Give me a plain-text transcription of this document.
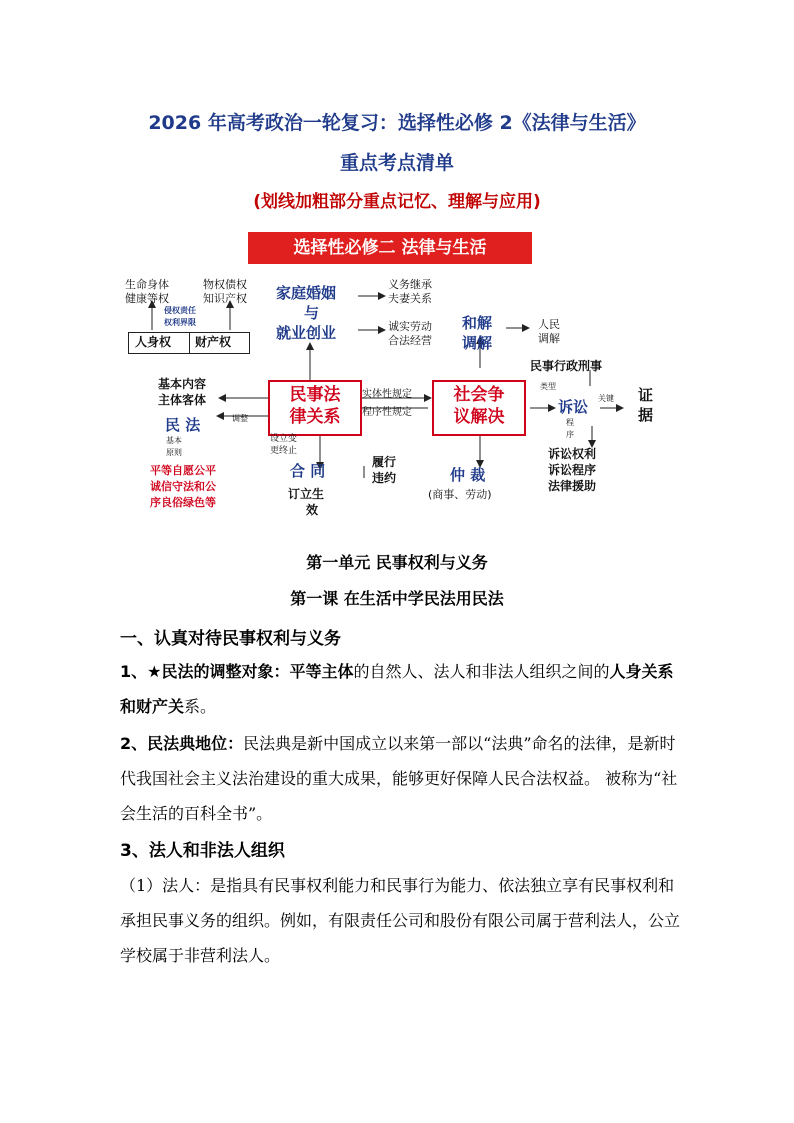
2026 年高考政治一轮复习：选择性必修 2《法律与生活》
重点考点清单
(划线加粗部分重点记忆、理解与应用)
选择性必修二 法律与生活
生命身体
健康等权
物权债权
知识产权
侵权责任
权利界限
人身权 财产权
家庭婚姻
与
就业创业
义务继承
夫妻关系
诚实劳动
合法经营
和解
调解
人民
调解
民事行政刑事
基本内容
主体客体
调整
民 法
基本
原则
平等自愿公平
诚信守法和公
序良俗绿色等
民事法
律关系
实体性规定
程序性规定
社会争
议解决
类型
诉讼 关键 证
据
程
序
设立变
更终止
合 同
订立生
效
履行
违约	仲 裁
(商事、劳动)
诉讼权利
诉讼程序
法律援助
第一单元 民事权利与义务
第一课 在生活中学民法用民法
一、认真对待民事权利与义务
1、★民法的调整对象：平等主体的自然人、法人和非法人组织之间的人身关系和财产关系。
2、民法典地位：民法典是新中国成立以来第一部以“法典”命名的法律，是新时代我国社会主义法治建设的重大成果，能够更好保障人民合法权益。 被称为“社会生活的百科全书”。
3、法人和非法人组织
（1）法人：是指具有民事权利能力和民事行为能力、依法独立享有民事权利和承担民事义务的组织。例如，有限责任公司和股份有限公司属于营利法人，公立学校属于非营利法人。
